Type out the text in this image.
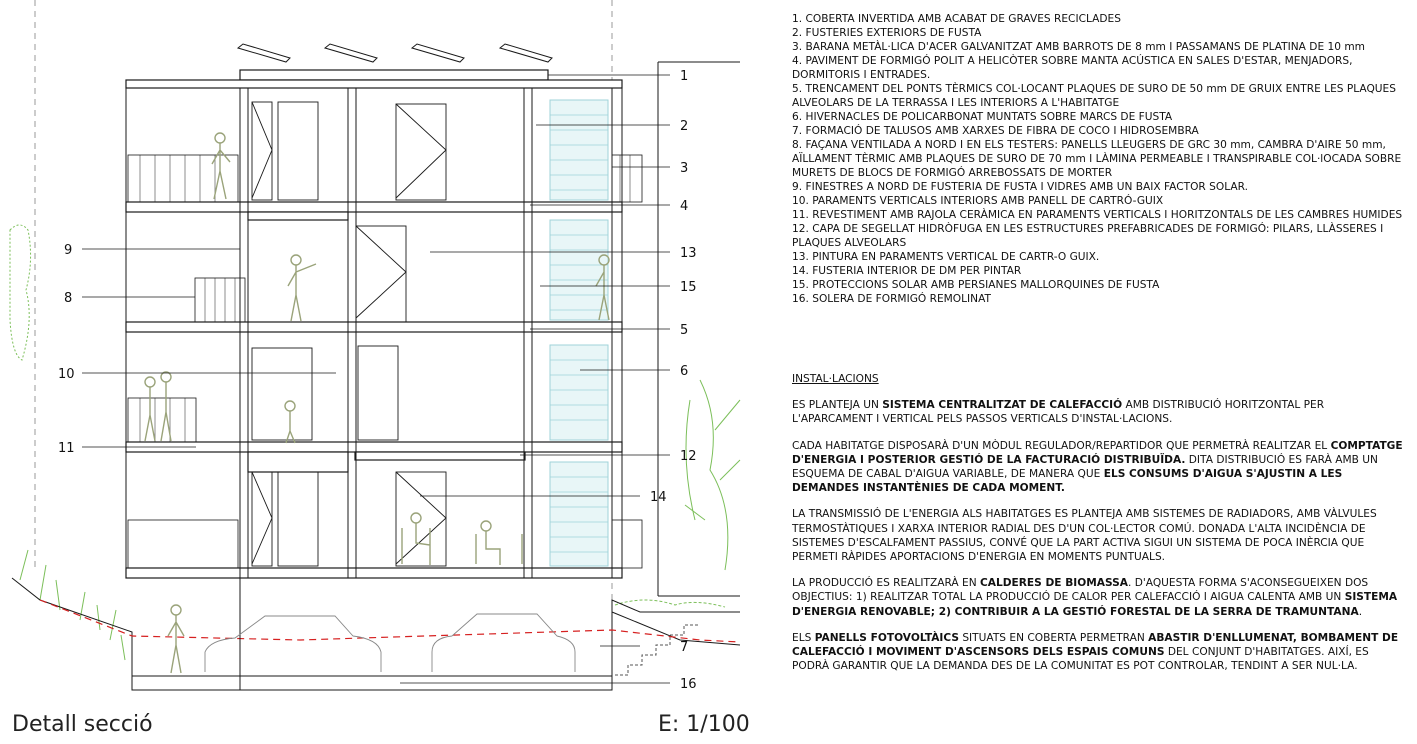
1
2
3
4
9	13
15
8
5
10	6
11
12
14
7
16
Detall secció	E: 1/100
1. COBERTA INVERTIDA AMB ACABAT DE GRAVES RECICLADES
2. FUSTERIES EXTERIORS DE FUSTA
3. BARANA METÀL·LICA D'ACER GALVANITZAT AMB BARROTS DE 8 mm I PASSAMANS DE PLATINA DE 10 mm
4. PAVIMENT DE FORMIGÓ POLIT A HELICÒTER SOBRE MANTA ACÚSTICA EN SALES D'ESTAR, MENJADORS, DORMITORIS I ENTRADES.
5. TRENCAMENT DEL PONTS TÈRMICS COL·LOCANT PLAQUES DE SURO DE 50 mm DE GRUIX ENTRE LES PLAQUES ALVEOLARS DE LA TERRASSA I LES INTERIORS A L'HABITATGE
6. HIVERNACLES DE POLICARBONAT MUNTATS SOBRE MARCS DE FUSTA
7. FORMACIÓ DE TALUSOS AMB XARXES DE FIBRA DE COCO I HIDROSEMBRA
8. FAÇANA VENTILADA A NORD I EN ELS TESTERS: PANELLS LLEUGERS DE GRC 30 mm, CAMBRA D'AIRE 50 mm, AÏLLAMENT TÈRMIC AMB PLAQUES DE SURO DE 70 mm I LÀMINA PERMEABLE I TRANSPIRABLE COL·lOCADA SOBRE MURETS DE BLOCS DE FORMIGÓ ARREBOSSATS DE MORTER
9. FINESTRES A NORD DE FUSTERIA DE FUSTA I VIDRES AMB UN BAIX FACTOR SOLAR.
10. PARAMENTS VERTICALS INTERIORS AMB PANELL DE CARTRÓ-GUIX
11. REVESTIMENT AMB RAJOLA CERÀMICA EN PARAMENTS VERTICALS I HORITZONTALS DE LES CAMBRES HUMIDES
12. CAPA DE SEGELLAT HIDRÒFUGA EN LES ESTRUCTURES PREFABRICADES DE FORMIGÓ: PILARS, LLÀSSERES I PLAQUES ALVEOLARS
13. PINTURA EN PARAMENTS VERTICAL DE CARTR-O GUIX.
14. FUSTERIA INTERIOR DE DM PER PINTAR
15. PROTECCIONS SOLAR AMB PERSIANES MALLORQUINES DE FUSTA
16. SOLERA DE FORMIGÓ REMOLINAT
INSTAL·LACIONS

ES PLANTEJA UN SISTEMA CENTRALITZAT DE CALEFACCIÓ AMB DISTRIBUCIÓ HORITZONTAL PER L'APARCAMENT I VERTICAL PELS PASSOS VERTICALS D'INSTAL·LACIONS.

CADA HABITATGE DISPOSARÀ D'UN MÒDUL REGULADOR/REPARTIDOR QUE PERMETRÀ REALITZAR EL COMPTATGE D'ENERGIA I POSTERIOR GESTIÓ DE LA FACTURACIÓ DISTRIBUÏDA. DITA DISTRIBUCIÓ ES FARÀ AMB UN ESQUEMA DE CABAL D'AIGUA VARIABLE, DE MANERA QUE ELS CONSUMS D'AIGUA S'AJUSTIN A LES DEMANDES INSTANTÈNIES DE CADA MOMENT.

LA TRANSMISSIÓ DE L'ENERGIA ALS HABITATGES ES PLANTEJA AMB SISTEMES DE RADIADORS, AMB VÀLVULES TERMOSTÀTIQUES I XARXA INTERIOR RADIAL DES D'UN COL·LECTOR COMÚ. DONADA L'ALTA INCIDÈNCIA DE SISTEMES D'ESCALFAMENT PASSIUS, CONVÉ QUE LA PART ACTIVA SIGUI UN SISTEMA DE POCA INÈRCIA QUE PERMETI RÀPIDES APORTACIONS D'ENERGIA EN MOMENTS PUNTUALS.

LA PRODUCCIÓ ES REALITZARÀ EN CALDERES DE BIOMASSA. D'AQUESTA FORMA S'ACONSEGUEIXEN DOS OBJECTIUS: 1) REALITZAR TOTAL LA PRODUCCIÓ DE CALOR PER CALEFACCIÓ I AIGUA CALENTA AMB UN SISTEMA D'ENERGIA RENOVABLE; 2) CONTRIBUIR A LA GESTIÓ FORESTAL DE LA SERRA DE TRAMUNTANA.

ELS PANELLS FOTOVOLTÀICS SITUATS EN COBERTA PERMETRAN ABASTIR D'ENLLUMENAT, BOMBAMENT DE CALEFACCIÓ I MOVIMENT D'ASCENSORS DELS ESPAIS COMUNS DEL CONJUNT D'HABITATGES. AIXÍ, ES PODRÀ GARANTIR QUE LA DEMANDA DES DE LA COMUNITAT ES POT CONTROLAR, TENDINT A SER NUL·LA.
